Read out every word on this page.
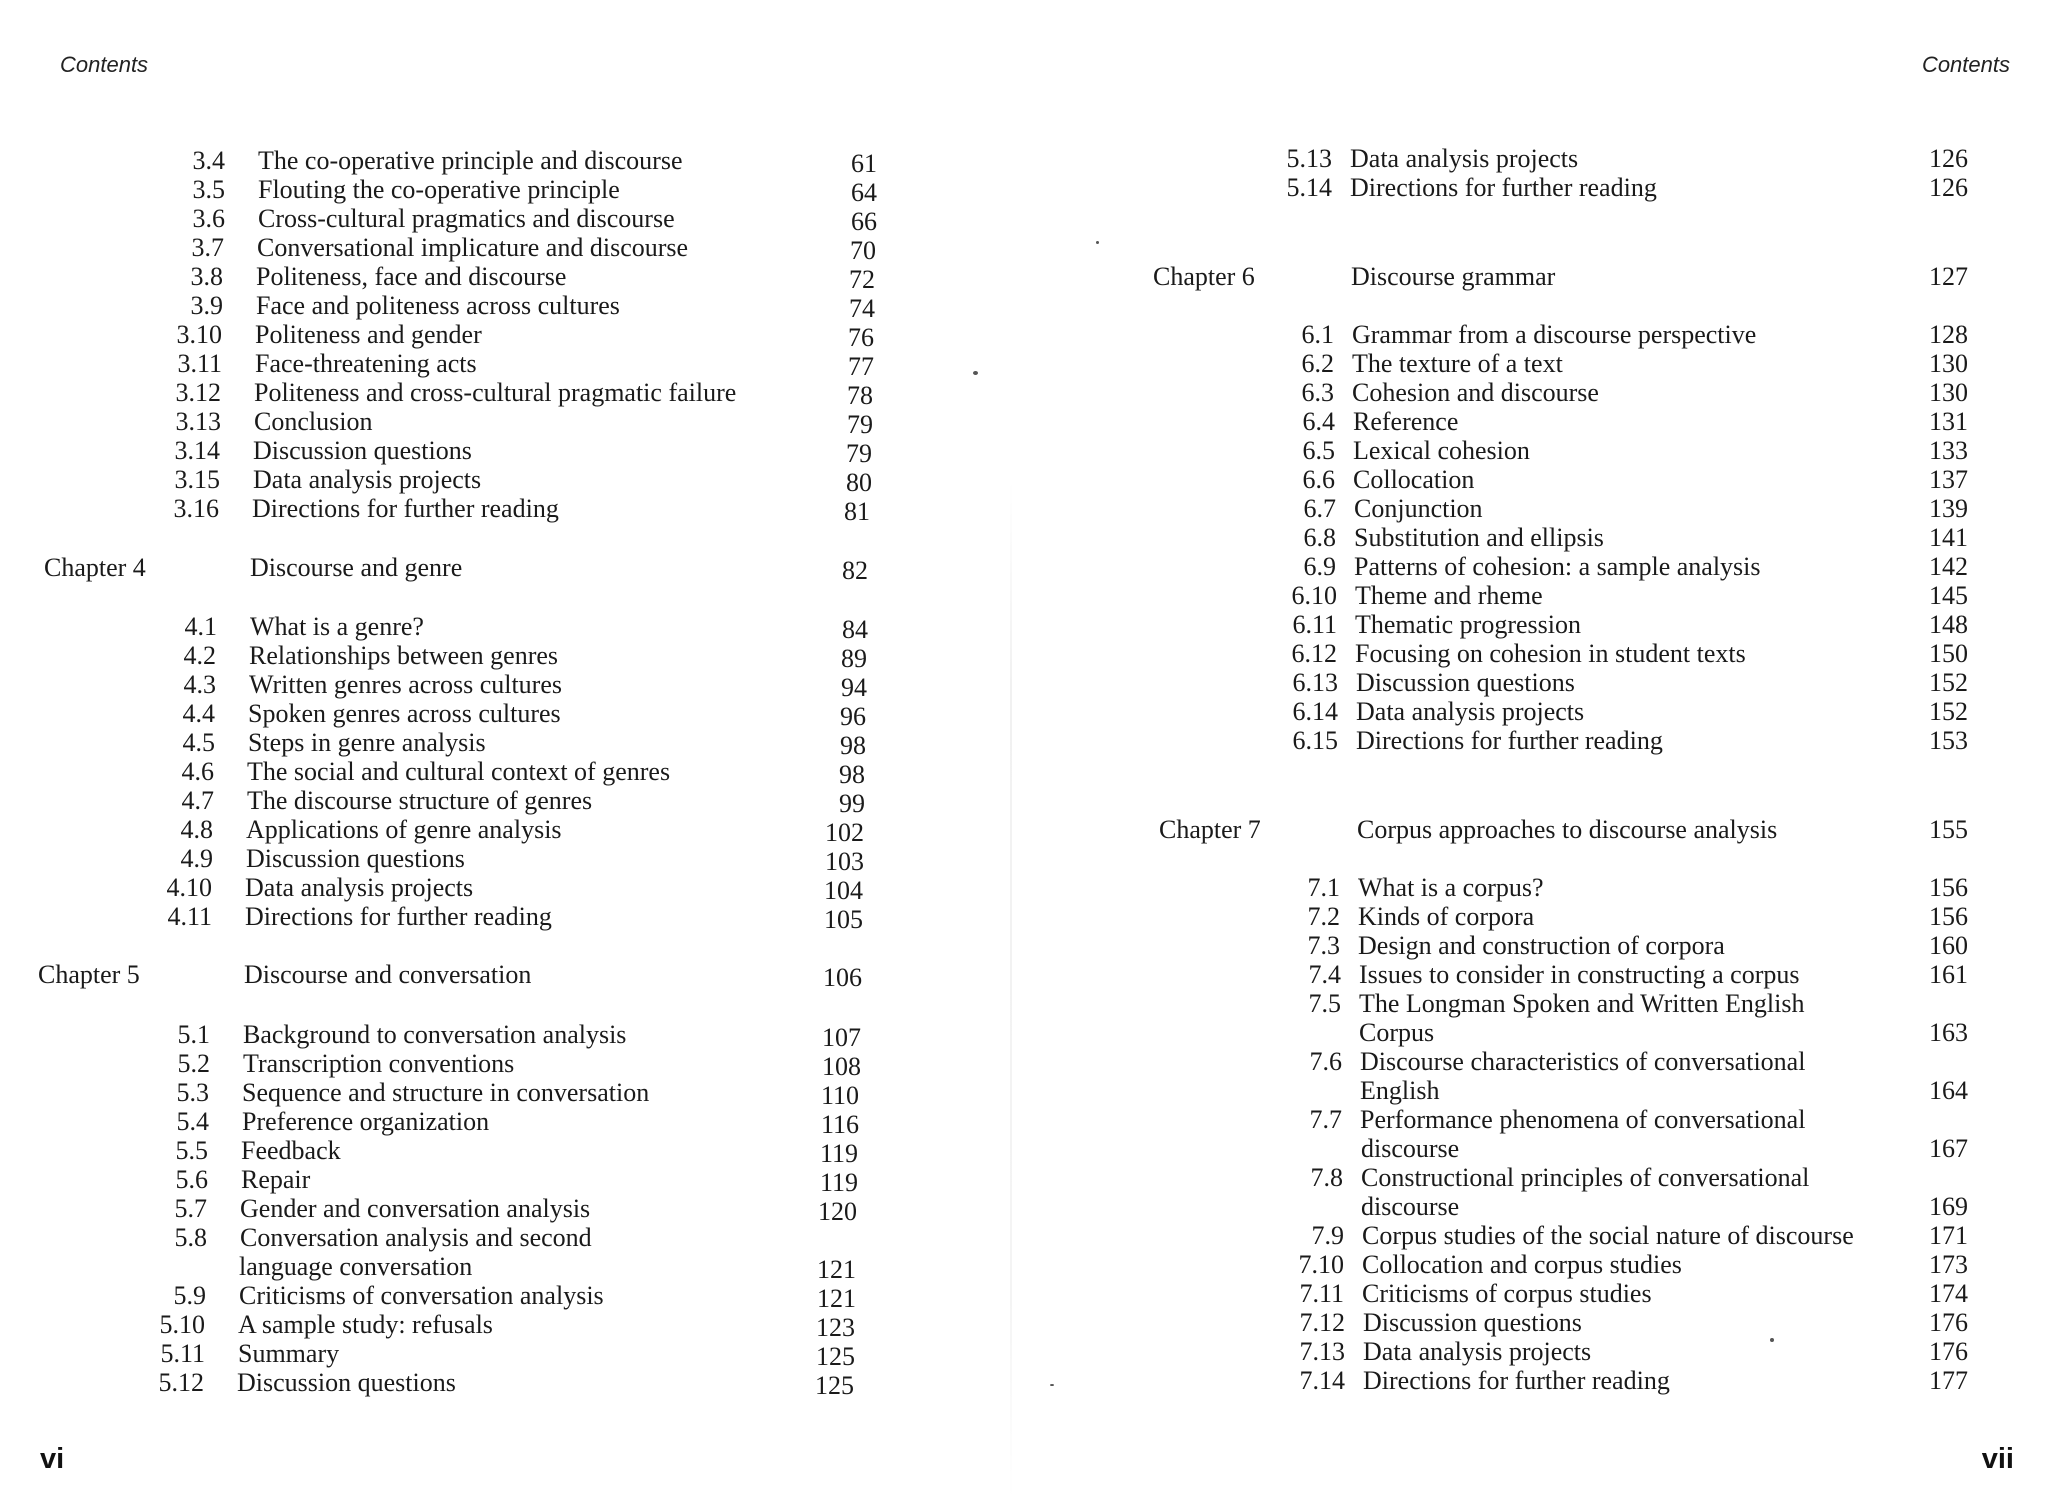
Contents
3.4 The co-operative principle and discourse	61
3.5 Flouting the co-operative principle	64
3.6 Cross-cultural pragmatics and discourse	66
3.7 Conversational implicature and discourse	70
3.8 Politeness, face and discourse	72
3.9 Face and politeness across cultures	74
3.10 Politeness and gender	76
3.11 Face-threatening acts	77
3.12 Politeness and cross-cultural pragmatic failure	78
3.13 Conclusion	79
3.14 Discussion questions	79
3.15 Data analysis projects	80
3.16 Directions for further reading	81
Chapter 4	Discourse and genre	82
4.1 What is a genre?	84
4.2 Relationships between genres	89
4.3 Written genres across cultures	94
4.4 Spoken genres across cultures	96
4.5 Steps in genre analysis	98
4.6 The social and cultural context of genres	98
4.7 The discourse structure of genres	99
4.8 Applications of genre analysis	102
4.9 Discussion questions	103
4.10 Data analysis projects	104
4.11 Directions for further reading	105
Chapter 5	Discourse and conversation	106
5.1 Background to conversation analysis	107
5.2 Transcription conventions	108
5.3 Sequence and structure in conversation	110
5.4 Preference organization	116
5.5 Feedback	119
5.6 Repair	119
5.7 Gender and conversation analysis	120
5.8 Conversation analysis and second
language conversation	121
5.9 Criticisms of conversation analysis	121
5.10 A sample study: refusals	123
5.11 Summary	125
5.12 Discussion questions	125
vi
Contents
5.13 Data analysis projects	126
5.14 Directions for further reading	126
Chapter 6	Discourse grammar	127
6.1 Grammar from a discourse perspective	128
6.2 The texture of a text	130
6.3 Cohesion and discourse	130
6.4 Reference	131
6.5 Lexical cohesion	133
6.6 Collocation	137
6.7 Conjunction	139
6.8 Substitution and ellipsis	141
6.9 Patterns of cohesion: a sample analysis	142
6.10 Theme and rheme	145
6.11 Thematic progression	148
6.12 Focusing on cohesion in student texts	150
6.13 Discussion questions	152
6.14 Data analysis projects	152
6.15 Directions for further reading	153
Chapter 7	Corpus approaches to discourse analysis	155
7.1 What is a corpus?	156
7.2 Kinds of corpora	156
7.3 Design and construction of corpora	160
7.4 Issues to consider in constructing a corpus	161
7.5 The Longman Spoken and Written English
Corpus	163
7.6 Discourse characteristics of conversational
English	164
7.7 Performance phenomena of conversational
discourse	167
7.8 Constructional principles of conversational
discourse	169
7.9 Corpus studies of the social nature of discourse	171
7.10 Collocation and corpus studies	173
7.11 Criticisms of corpus studies	174
7.12 Discussion questions	176
7.13 Data analysis projects	176
7.14 Directions for further reading	177
vii
